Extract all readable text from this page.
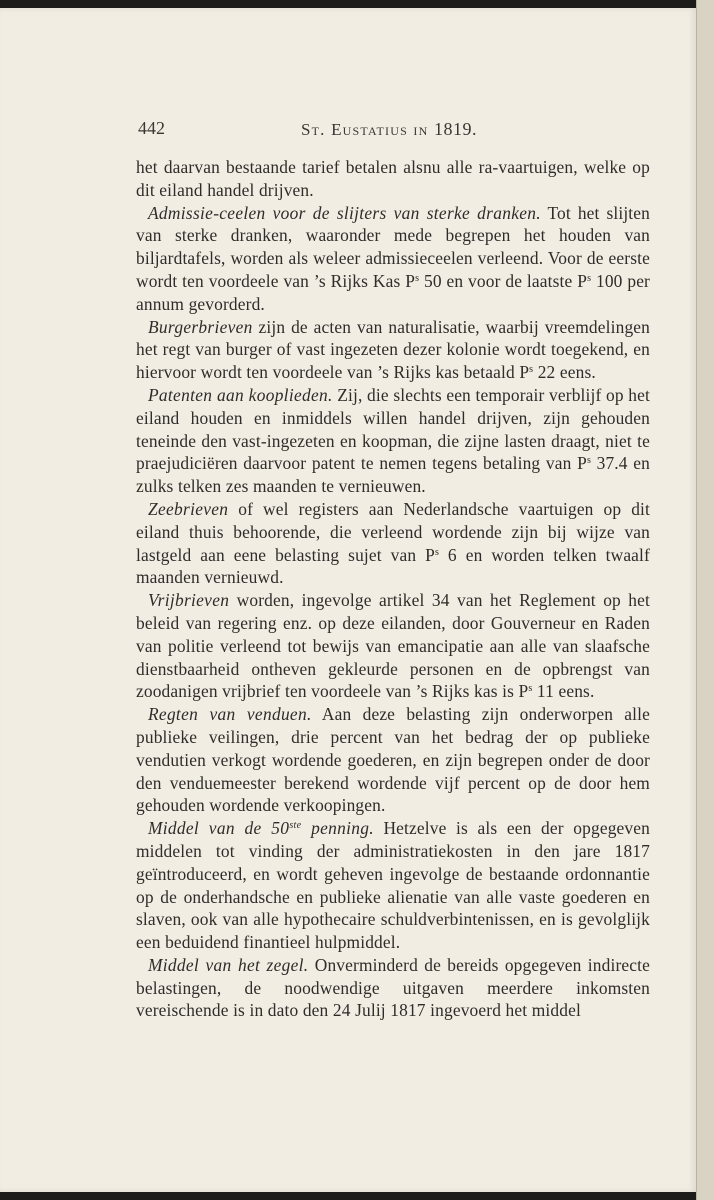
442	St. Eustatius in 1819.

het daarvan bestaande tarief betalen alsnu alle ra-vaartuigen, welke op dit eiland handel drijven.

Admissie-ceelen voor de slijters van sterke dranken. Tot het slijten van sterke dranken, waaronder mede begrepen het houden van biljardtafels, worden als weleer admissieceelen verleend. Voor de eerste wordt ten voordeele van ’s Rijks Kas $P^s$ 50 en voor de laatste $P^s$ 100 per annum gevorderd.

Burgerbrieven zijn de acten van naturalisatie, waarbij vreemdelingen het regt van burger of vast ingezeten dezer kolonie wordt toegekend, en hiervoor wordt ten voordeele van ’s Rijks kas betaald $P^s$ 22 eens.

Patenten aan kooplieden. Zij, die slechts een temporair verblijf op het eiland houden en inmiddels willen handel drijven, zijn gehouden teneinde den vast-ingezeten en koopman, die zijne lasten draagt, niet te praejudiciëren daarvoor patent te nemen tegens betaling van $P^s$ 37.4 en zulks telken zes maanden te vernieuwen.

Zeebrieven of wel registers aan Nederlandsche vaartuigen op dit eiland thuis behoorende, die verleend wordende zijn bij wijze van lastgeld aan eene belasting sujet van $P^s$ 6 en worden telken twaalf maanden vernieuwd.

Vrijbrieven worden, ingevolge artikel 34 van het Reglement op het beleid van regering enz. op deze eilanden, door Gouverneur en Raden van politie verleend tot bewijs van emancipatie aan alle van slaafsche dienstbaarheid ontheven gekleurde personen en de opbrengst van zoodanigen vrijbrief ten voordeele van ’s Rijks kas is $P^s$ 11 eens.

Regten van venduen. Aan deze belasting zijn onderworpen alle publieke veilingen, drie percent van het bedrag der op publieke vendutien verkogt wordende goederen, en zijn begrepen onder de door den venduemeester berekend wordende vijf percent op de door hem gehouden wordende verkoopingen.

Middel van de 50ste penning. Hetzelve is als een der opgegeven middelen tot vinding der administratiekosten in den jare 1817 geïntroduceerd, en wordt geheven ingevolge de bestaande ordonnantie op de onderhandsche en publieke alienatie van alle vaste goederen en slaven, ook van alle hypothecaire schuldverbintenissen, en is gevolglijk een beduidend finantieel hulpmiddel.

Middel van het zegel. Onverminderd de bereids opgegeven indirecte belastingen, de noodwendige uitgaven meerdere inkomsten vereischende is in dato den 24 Julij 1817 ingevoerd het middel
